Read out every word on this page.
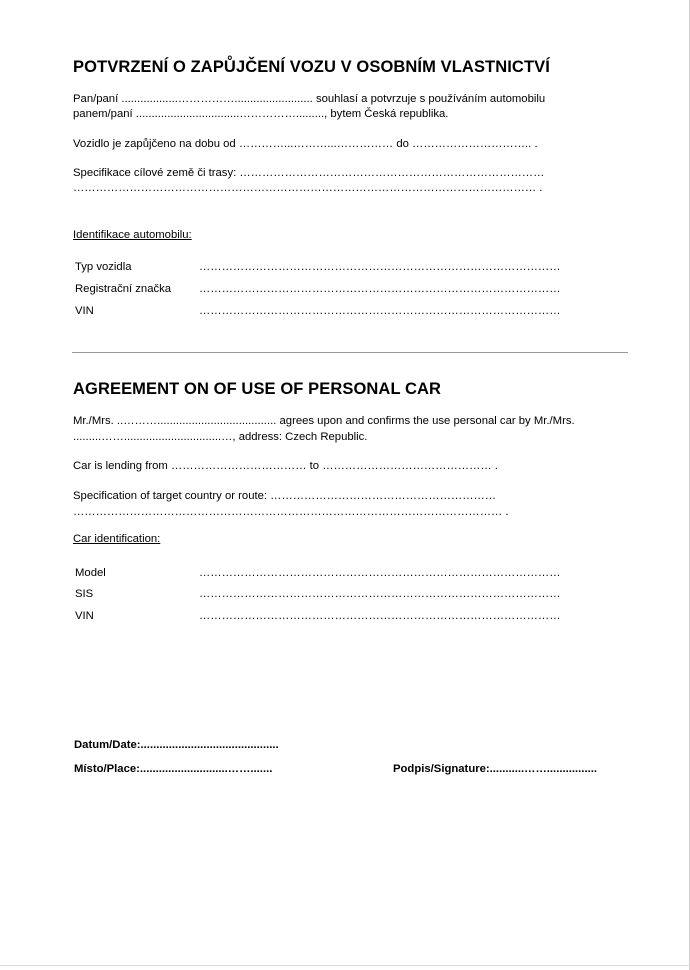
POTVRZENÍ O ZAPŮJČENÍ VOZU V OSOBNÍM VLASTNICTVÍ
Pan/paní ..................……………......................... souhlasí a potvrzuje s používáním automobilu
panem/paní .................................……………........., bytem Česká republika.
Vozidlo je zapůjčeno na dobu od …………...………...…………… do ………………………….. .
Specifikace cílové země či trasy: ………………………………………………………………………
…………………………………………………………………………………………………………… .
Identifikace automobilu:
Typ vozidla	……………………………………………………………………………………
Registrační značka ……………………………………………………………………………………
VIN	……………………………………………………………………………………
AGREEMENT ON OF USE OF PERSONAL CAR
Mr./Mrs. ..………...................................... agrees upon and confirms the use personal car by Mr./Mrs.
.........……...............................…, address: Czech Republic.
Car is lending from ……………………………… to ……………………………………… .
Specification of target country or route: ……………………………………………………
…………………………………………………………………………………………………… .
Car identification:
Model	……………………………………………………………………………………
SIS	……………………………………………………………………………………
VIN	……………………………………………………………………………………
Datum/Date:............................................
Místo/Place:............................…….......	Podpis/Signature:...........……................
